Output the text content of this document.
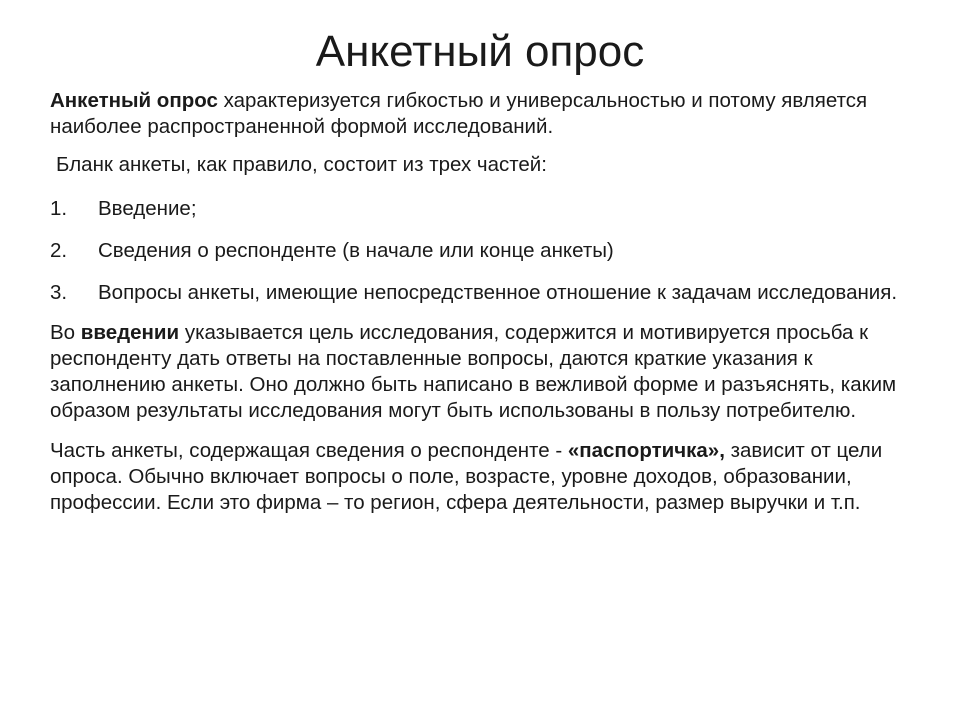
Анкетный опрос

Анкетный опрос характеризуется гибкостью и универсальностью и потому является наиболее распространенной формой исследований.

Бланк анкеты, как правило, состоит из трех частей:

1.	Введение;
2.	Сведения о респонденте (в начале или конце анкеты)
3. Вопросы анкеты, имеющие непосредственное отношение к задачам исследования.

Во введении указывается цель исследования, содержится и мотивируется просьба к респонденту дать ответы на поставленные вопросы, даются краткие указания к заполнению анкеты. Оно должно быть написано в вежливой форме и разъяснять, каким образом результаты исследования могут быть использованы в пользу потребителю.

Часть анкеты, содержащая сведения о респонденте - «паспортичка», зависит от цели опроса. Обычно включает вопросы о поле, возрасте, уровне доходов, образовании, профессии. Если это фирма – то регион, сфера деятельности, размер выручки и т.п.
